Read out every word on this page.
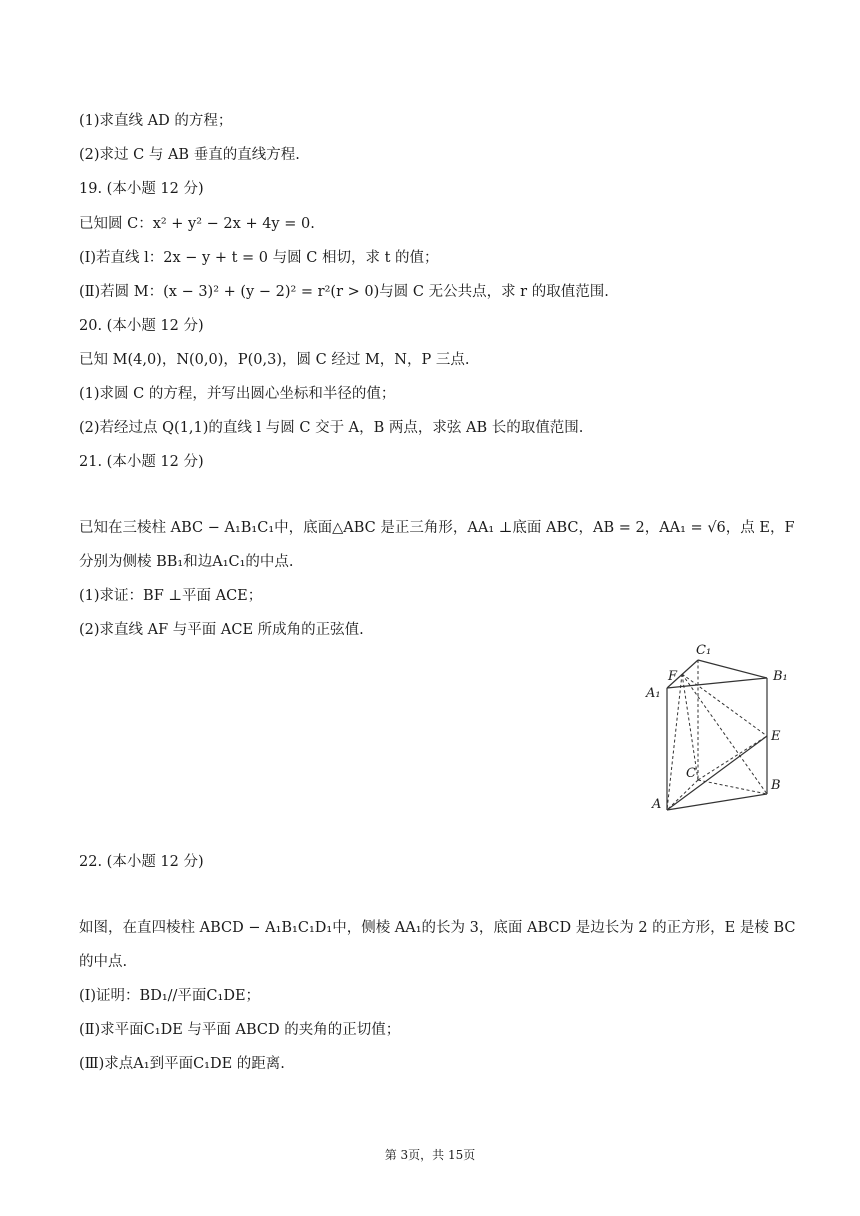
(1)求直线 AD 的方程；
(2)求过 C 与 AB 垂直的直线方程.
19. (本小题 12 分)
已知圆 C：x² + y² − 2x + 4y = 0.
(Ⅰ)若直线 l：2x − y + t = 0 与圆 C 相切，求 t 的值；
(Ⅱ)若圆 M：(x − 3)² + (y − 2)² = r²(r > 0)与圆 C 无公共点，求 r 的取值范围.
20. (本小题 12 分)
已知 M(4,0)，N(0,0)，P(0,3)，圆 C 经过 M，N，P 三点.
(1)求圆 C 的方程，并写出圆心坐标和半径的值；
(2)若经过点 Q(1,1)的直线 l 与圆 C 交于 A，B 两点，求弦 AB 长的取值范围.
21. (本小题 12 分)
已知在三棱柱 ABC − A₁B₁C₁中，底面△ABC 是正三角形，AA₁ ⊥底面 ABC，AB = 2，AA₁ = √6，点 E，F
分别为侧棱 BB₁和边A₁C₁的中点.
(1)求证：BF ⊥平面 ACE；
(2)求直线 AF 与平面 ACE 所成角的正弦值.
C₁
B₁
A₁
F
E
C
B
A
22. (本小题 12 分)
如图，在直四棱柱 ABCD − A₁B₁C₁D₁中，侧棱 AA₁的长为 3，底面 ABCD 是边长为 2 的正方形，E 是棱 BC
的中点.
(Ⅰ)证明：BD₁//平面C₁DE；
(Ⅱ)求平面C₁DE 与平面 ABCD 的夹角的正切值；
(Ⅲ)求点A₁到平面C₁DE 的距离.
第 3页，共 15页
